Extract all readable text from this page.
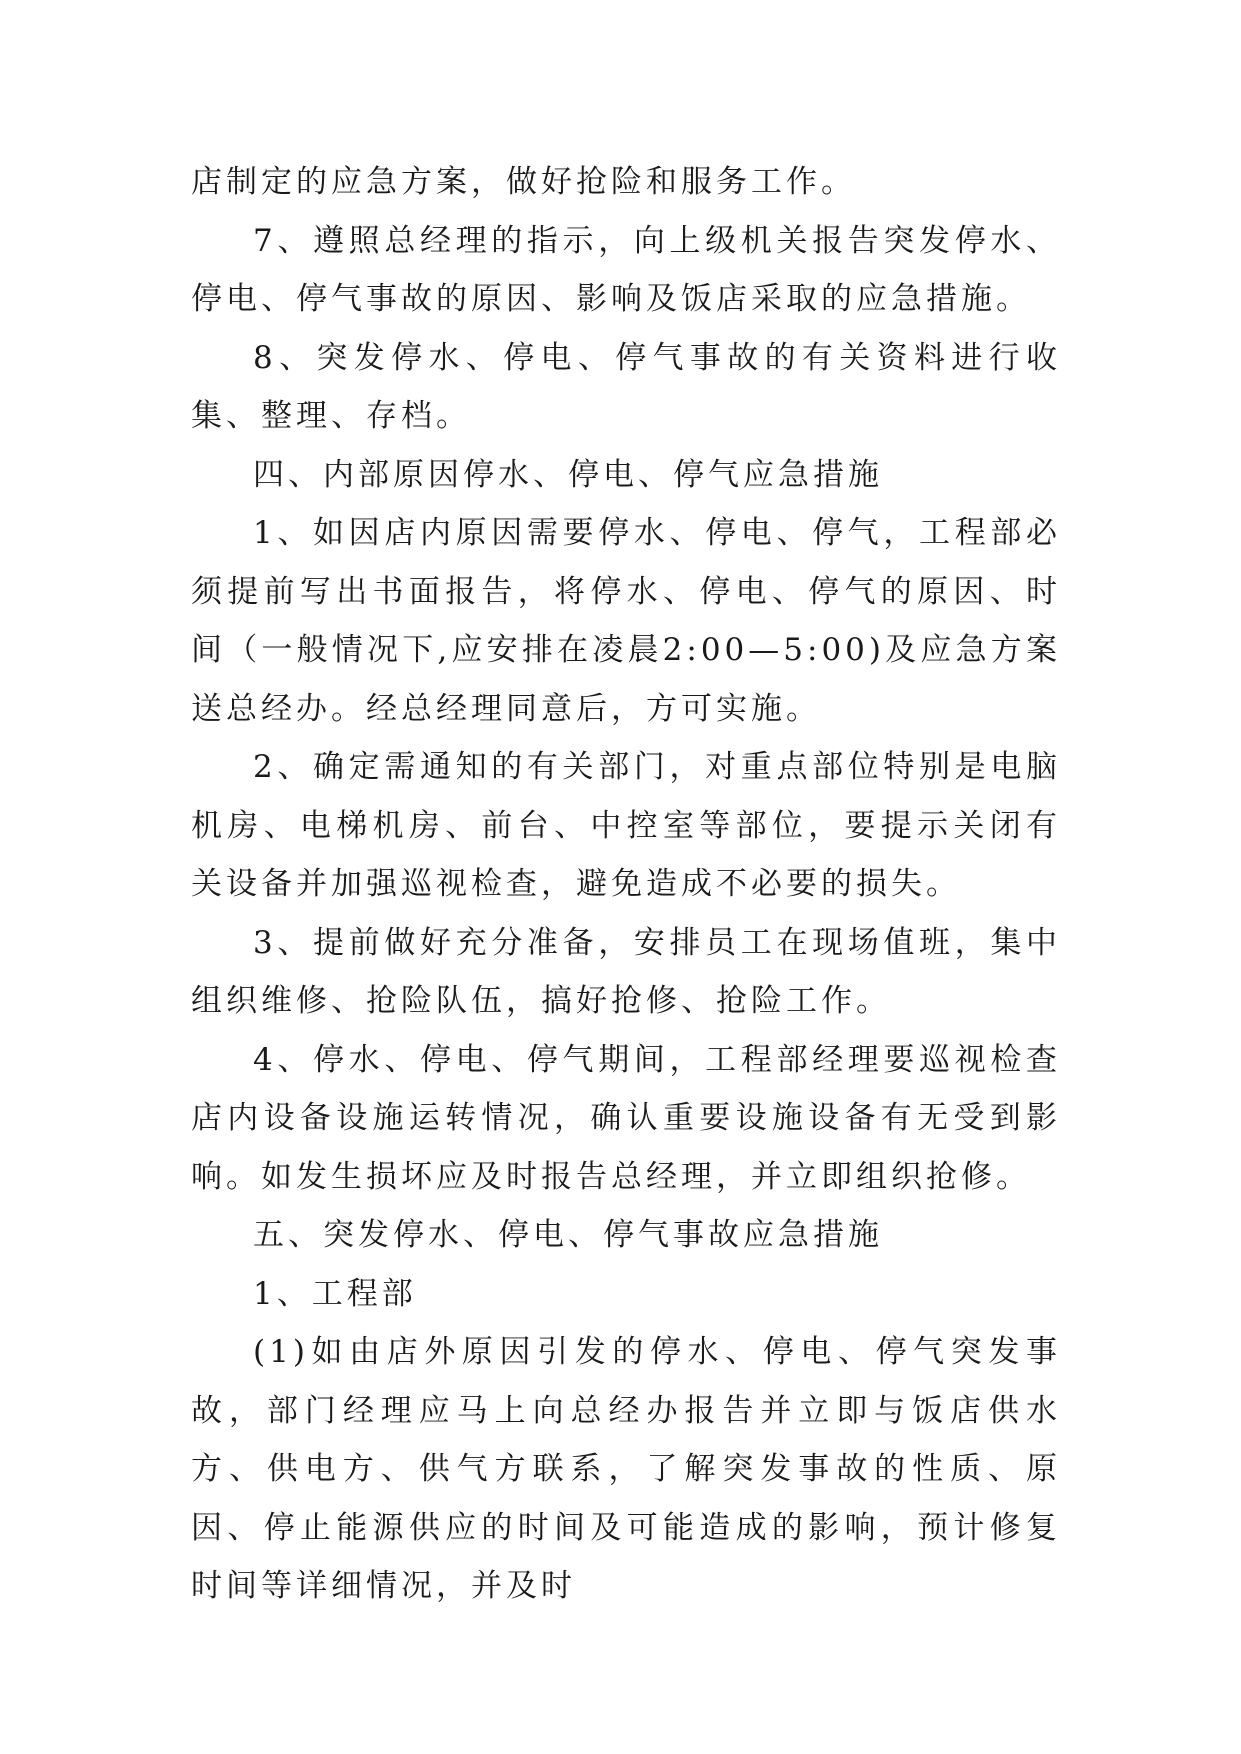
店制定的应急方案，做好抢险和服务工作。

7、遵照总经理的指示，向上级机关报告突发停水、停电、停气事故的原因、影响及饭店采取的应急措施。

8、突发停水、停电、停气事故的有关资料进行收集、整理、存档。

四、内部原因停水、停电、停气应急措施

1、如因店内原因需要停水、停电、停气，工程部必须提前写出书面报告，将停水、停电、停气的原因、时间（一般情况下,应安排在凌晨2:00—5:00)及应急方案送总经办。经总经理同意后，方可实施。

2、确定需通知的有关部门，对重点部位特别是电脑机房、电梯机房、前台、中控室等部位，要提示关闭有关设备并加强巡视检查，避免造成不必要的损失。

3、提前做好充分准备，安排员工在现场值班，集中组织维修、抢险队伍，搞好抢修、抢险工作。

4、停水、停电、停气期间，工程部经理要巡视检查店内设备设施运转情况，确认重要设施设备有无受到影响。如发生损坏应及时报告总经理，并立即组织抢修。

五、突发停水、停电、停气事故应急措施

1、工程部

(1)如由店外原因引发的停水、停电、停气突发事故，部门经理应马上向总经办报告并立即与饭店供水方、供电方、供气方联系，了解突发事故的性质、原因、停止能源供应的时间及可能造成的影响，预计修复时间等详细情况，并及时
